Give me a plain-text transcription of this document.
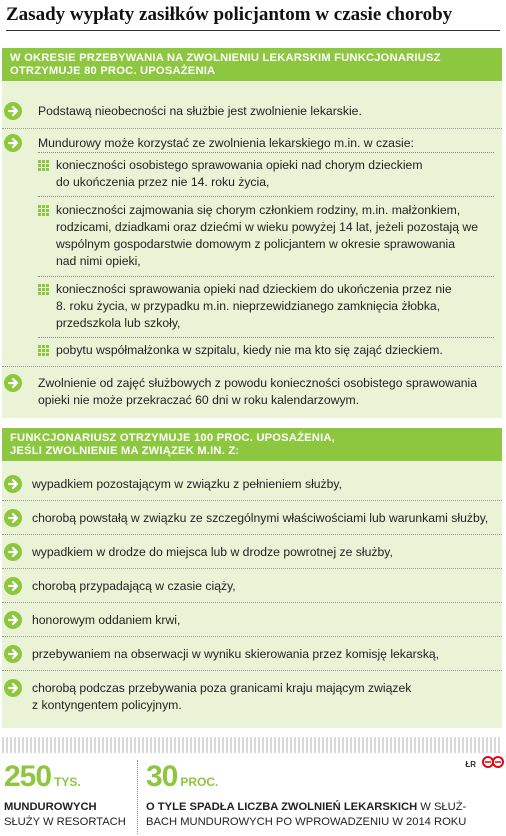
Zasady wypłaty zasiłków policjantom w czasie choroby
W OKRESIE PRZEBYWANIA NA ZWOLNIENIU LEKARSKIM FUNKCJONARIUSZ
OTRZYMUJE 80 PROC. UPOSAŻENIA
Podstawą nieobecności na służbie jest zwolnienie lekarskie.
Mundurowy może korzystać ze zwolnienia lekarskiego m.in. w czasie:
konieczności osobistego sprawowania opieki nad chorym dzieckiem
do ukończenia przez nie 14. roku życia,
konieczności zajmowania się chorym członkiem rodziny, m.in. małżonkiem,
rodzicami, dziadkami oraz dziećmi w wieku powyżej 14 lat, jeżeli pozostają we
wspólnym gospodarstwie domowym z policjantem w okresie sprawowania
nad nimi opieki,
konieczności sprawowania opieki nad dzieckiem do ukończenia przez nie
8. roku życia, w przypadku m.in. nieprzewidzianego zamknięcia żłobka,
przedszkola lub szkoły,
pobytu współmałżonka w szpitalu, kiedy nie ma kto się zająć dzieckiem.
Zwolnienie od zajęć służbowych z powodu konieczności osobistego sprawowania
opieki nie może przekraczać 60 dni w roku kalendarzowym.
FUNKCJONARIUSZ OTRZYMUJE 100 PROC. UPOSAŻENIA,
JEŚLI ZWOLNIENIE MA ZWIĄZEK M.IN. Z:
wypadkiem pozostającym w związku z pełnieniem służby,
chorobą powstałą w związku ze szczególnymi właściwościami lub warunkami służby,
wypadkiem w drodze do miejsca lub w drodze powrotnej ze służby,
chorobą przypadającą w czasie ciąży,
honorowym oddaniem krwi,
przebywaniem na obserwacji w wyniku skierowania przez komisję lekarską,
chorobą podczas przebywania poza granicami kraju mającym związek
z kontyngentem policyjnym.
250 TYS.
MUNDUROWYCH
SŁUŻY W RESORTACH
30 PROC.
O TYLE SPADŁA LICZBA ZWOLNIEŃ LEKARSKICH W SŁUŻ-
BACH MUNDUROWYCH PO WPROWADZENIU W 2014 ROKU
ŁR
